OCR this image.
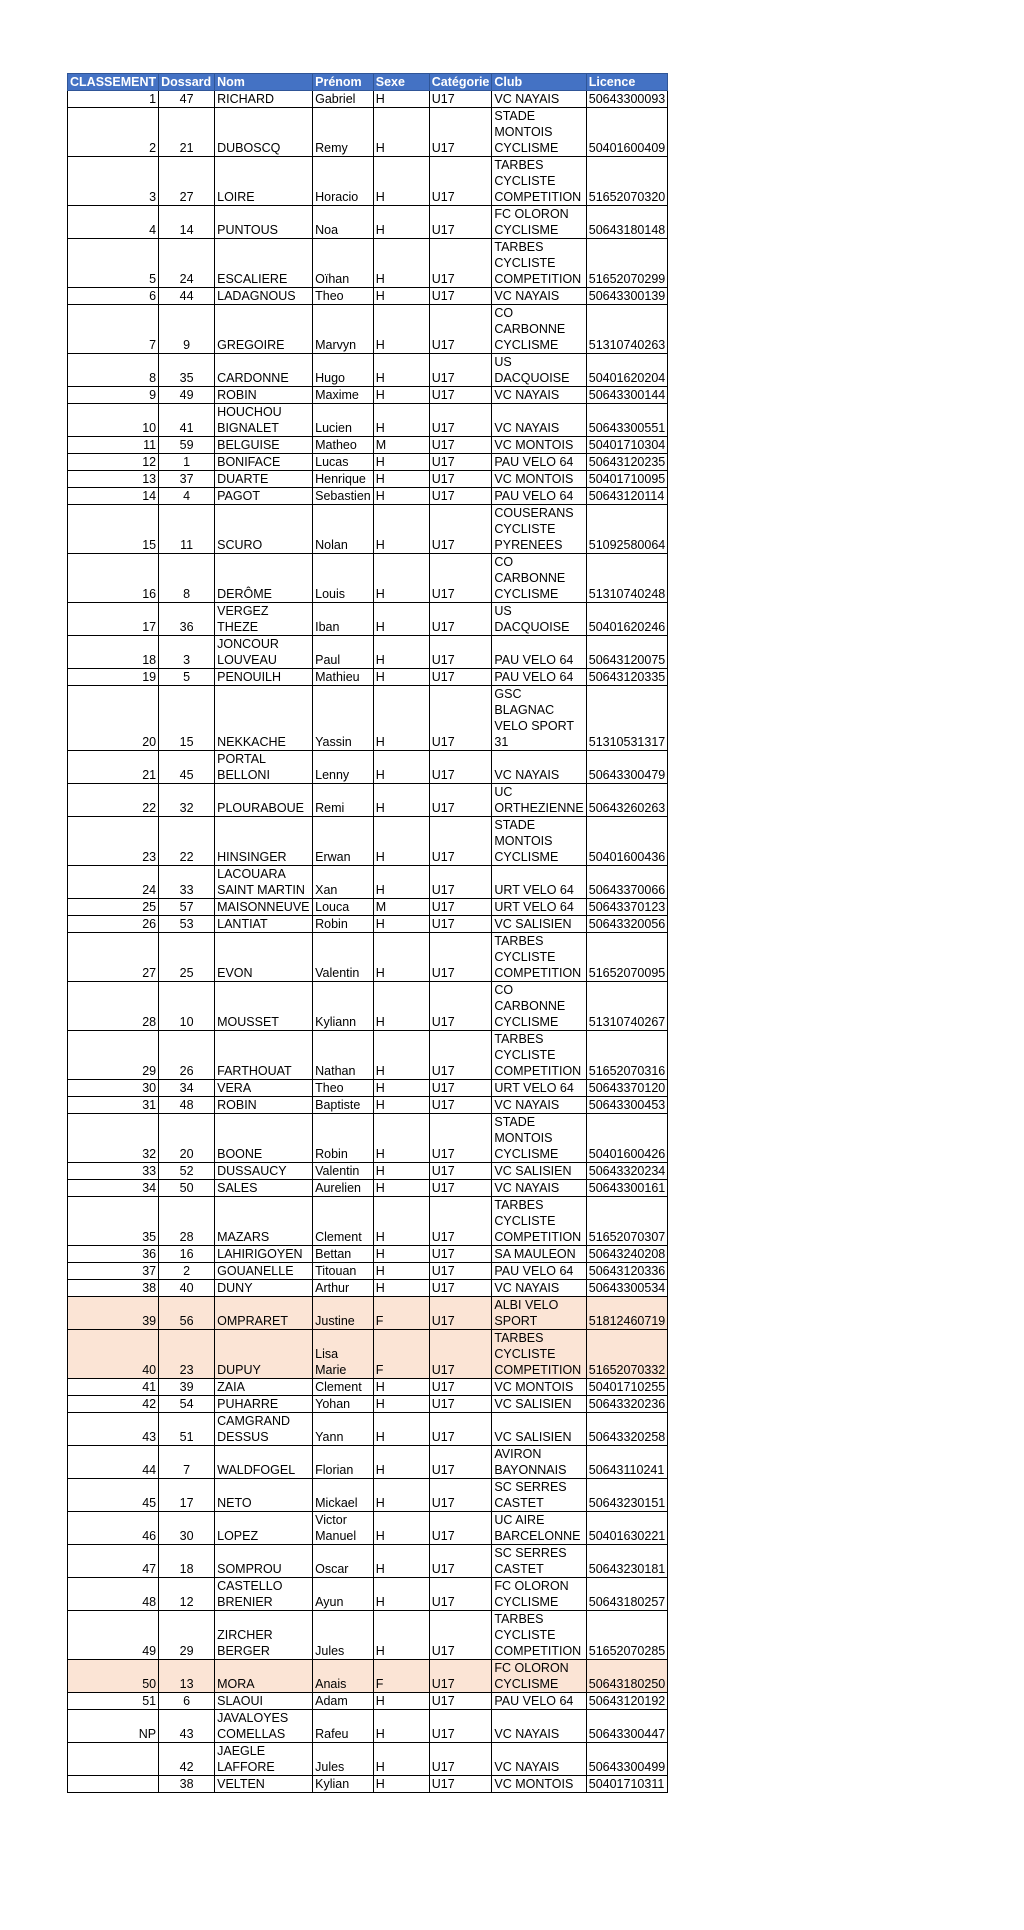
CLASSEMENT	Dossard	Nom	Prénom	Sexe	Catégorie	Club	Licence
1	47	RICHARD	Gabriel	H	U17	VC NAYAIS	50643300093
2	21	DUBOSCQ	Remy	H	U17	STADE MONTOIS CYCLISME	50401600409
3	27	LOIRE	Horacio	H	U17	TARBES CYCLISTE COMPETITION	51652070320
4	14	PUNTOUS	Noa	H	U17	FC OLORON CYCLISME	50643180148
5	24	ESCALIERE	Oïhan	H	U17	TARBES CYCLISTE COMPETITION	51652070299
6	44	LADAGNOUS	Theo	H	U17	VC NAYAIS	50643300139
7	9	GREGOIRE	Marvyn	H	U17	CO CARBONNE CYCLISME	51310740263
8	35	CARDONNE	Hugo	H	U17	US DACQUOISE	50401620204
9	49	ROBIN	Maxime	H	U17	VC NAYAIS	50643300144
10	41	HOUCHOU BIGNALET	Lucien	H	U17	VC NAYAIS	50643300551
11	59	BELGUISE	Matheo	M	U17	VC MONTOIS	50401710304
12	1	BONIFACE	Lucas	H	U17	PAU VELO 64	50643120235
13	37	DUARTE	Henrique	H	U17	VC MONTOIS	50401710095
14	4	PAGOT	Sebastien	H	U17	PAU VELO 64	50643120114
15	11	SCURO	Nolan	H	U17	COUSERANS CYCLISTE PYRENEES	51092580064
16	8	DERÔME	Louis	H	U17	CO CARBONNE CYCLISME	51310740248
17	36	VERGEZ THEZE	Iban	H	U17	US DACQUOISE	50401620246
18	3	JONCOUR LOUVEAU	Paul	H	U17	PAU VELO 64	50643120075
19	5	PENOUILH	Mathieu	H	U17	PAU VELO 64	50643120335
20	15	NEKKACHE	Yassin	H	U17	GSC BLAGNAC VELO SPORT 31	51310531317
21	45	PORTAL BELLONI	Lenny	H	U17	VC NAYAIS	50643300479
22	32	PLOURABOUE	Remi	H	U17	UC ORTHEZIENNE	50643260263
23	22	HINSINGER	Erwan	H	U17	STADE MONTOIS CYCLISME	50401600436
24	33	LACOUARA SAINT MARTIN	Xan	H	U17	URT VELO 64	50643370066
25	57	MAISONNEUVE	Louca	M	U17	URT VELO 64	50643370123
26	53	LANTIAT	Robin	H	U17	VC SALISIEN	50643320056
27	25	EVON	Valentin	H	U17	TARBES CYCLISTE COMPETITION	51652070095
28	10	MOUSSET	Kyliann	H	U17	CO CARBONNE CYCLISME	51310740267
29	26	FARTHOUAT	Nathan	H	U17	TARBES CYCLISTE COMPETITION	51652070316
30	34	VERA	Theo	H	U17	URT VELO 64	50643370120
31	48	ROBIN	Baptiste	H	U17	VC NAYAIS	50643300453
32	20	BOONE	Robin	H	U17	STADE MONTOIS CYCLISME	50401600426
33	52	DUSSAUCY	Valentin	H	U17	VC SALISIEN	50643320234
34	50	SALES	Aurelien	H	U17	VC NAYAIS	50643300161
35	28	MAZARS	Clement	H	U17	TARBES CYCLISTE COMPETITION	51652070307
36	16	LAHIRIGOYEN	Bettan	H	U17	SA MAULEON	50643240208
37	2	GOUANELLE	Titouan	H	U17	PAU VELO 64	50643120336
38	40	DUNY	Arthur	H	U17	VC NAYAIS	50643300534
39	56	OMPRARET	Justine	F	U17	ALBI VELO SPORT	51812460719
40	23	DUPUY	Lisa Marie	F	U17	TARBES CYCLISTE COMPETITION	51652070332
41	39	ZAIA	Clement	H	U17	VC MONTOIS	50401710255
42	54	PUHARRE	Yohan	H	U17	VC SALISIEN	50643320236
43	51	CAMGRAND DESSUS	Yann	H	U17	VC SALISIEN	50643320258
44	7	WALDFOGEL	Florian	H	U17	AVIRON BAYONNAIS	50643110241
45	17	NETO	Mickael	H	U17	SC SERRES CASTET	50643230151
46	30	LOPEZ	Victor Manuel	H	U17	UC AIRE BARCELONNE	50401630221
47	18	SOMPROU	Oscar	H	U17	SC SERRES CASTET	50643230181
48	12	CASTELLO BRENIER	Ayun	H	U17	FC OLORON CYCLISME	50643180257
49	29	ZIRCHER BERGER	Jules	H	U17	TARBES CYCLISTE COMPETITION	51652070285
50	13	MORA	Anais	F	U17	FC OLORON CYCLISME	50643180250
51	6	SLAOUI	Adam	H	U17	PAU VELO 64	50643120192
NP	43	JAVALOYES COMELLAS	Rafeu	H	U17	VC NAYAIS	50643300447
	42	JAEGLE LAFFORE	Jules	H	U17	VC NAYAIS	50643300499
	38	VELTEN	Kylian	H	U17	VC MONTOIS	50401710311
